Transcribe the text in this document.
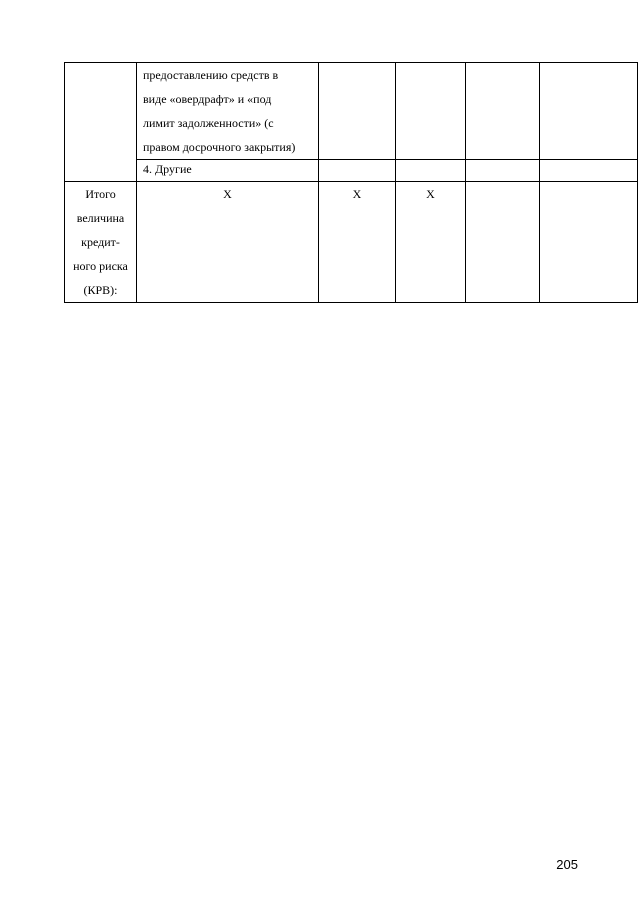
	предоставлению средств в
виде «овердрафт» и «под
лимит задолженности» (с
правом досрочного закрытия)				
	4. Другие				
Итого
величина
кредит-
ного риска
(КРВ):	X	X	X		
205
